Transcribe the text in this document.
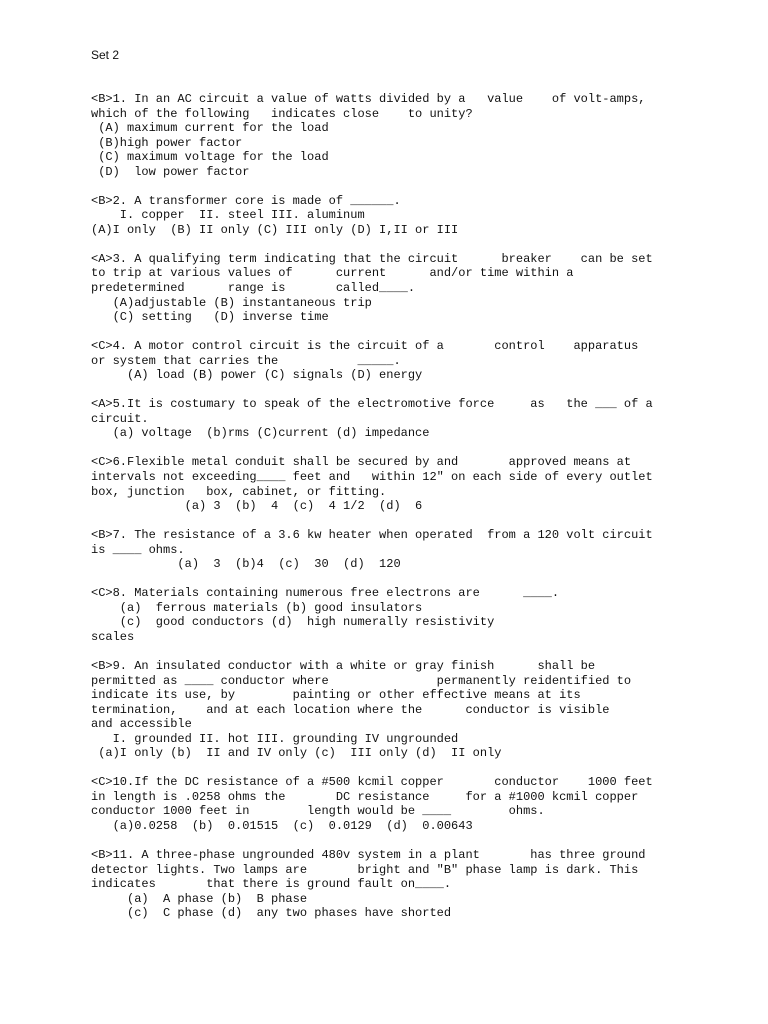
Set 2
<B>1. In an AC circuit a value of watts divided by a   value    of volt-amps,
which of the following   indicates close    to unity?
(A) maximum current for the load
(B)high power factor
(C) maximum voltage for the load
(D)  low power factor
<B>2. A transformer core is made of ______.
I. copper  II. steel III. aluminum
(A)I only  (B) II only (C) III only (D) I,II or III
<A>3. A qualifying term indicating that the circuit      breaker    can be set
to trip at various values of      current      and/or time within a
predetermined      range is       called____.
(A)adjustable (B) instantaneous trip
(C) setting   (D) inverse time
<C>4. A motor control circuit is the circuit of a       control    apparatus
or system that carries the           _____.
(A) load (B) power (C) signals (D) energy
<A>5.It is costumary to speak of the electromotive force     as   the ___ of a
circuit.
(a) voltage  (b)rms (C)current (d) impedance
<C>6.Flexible metal conduit shall be secured by and       approved means at
intervals not exceeding____ feet and   within 12" on each side of every outlet
box, junction   box, cabinet, or fitting.
(a) 3  (b)  4  (c)  4 1/2  (d)  6
<B>7. The resistance of a 3.6 kw heater when operated  from a 120 volt circuit
is ____ ohms.
(a)  3  (b)4  (c)  30  (d)  120
<C>8. Materials containing numerous free electrons are      ____.
(a)  ferrous materials (b) good insulators
(c)  good conductors (d)  high numerally resistivity
scales
<B>9. An insulated conductor with a white or gray finish      shall be
permitted as ____ conductor where               permanently reidentified to
indicate its use, by        painting or other effective means at its
termination,    and at each location where the      conductor is visible
and accessible
I. grounded II. hot III. grounding IV ungrounded
(a)I only (b)  II and IV only (c)  III only (d)  II only
<C>10.If the DC resistance of a #500 kcmil copper       conductor    1000 feet
in length is .0258 ohms the       DC resistance     for a #1000 kcmil copper
conductor 1000 feet in        length would be ____        ohms.
(a)0.0258  (b)  0.01515  (c)  0.0129  (d)  0.00643
<B>11. A three-phase ungrounded 480v system in a plant       has three ground
detector lights. Two lamps are       bright and "B" phase lamp is dark. This
indicates       that there is ground fault on____.
(a)  A phase (b)  B phase
(c)  C phase (d)  any two phases have shorted
